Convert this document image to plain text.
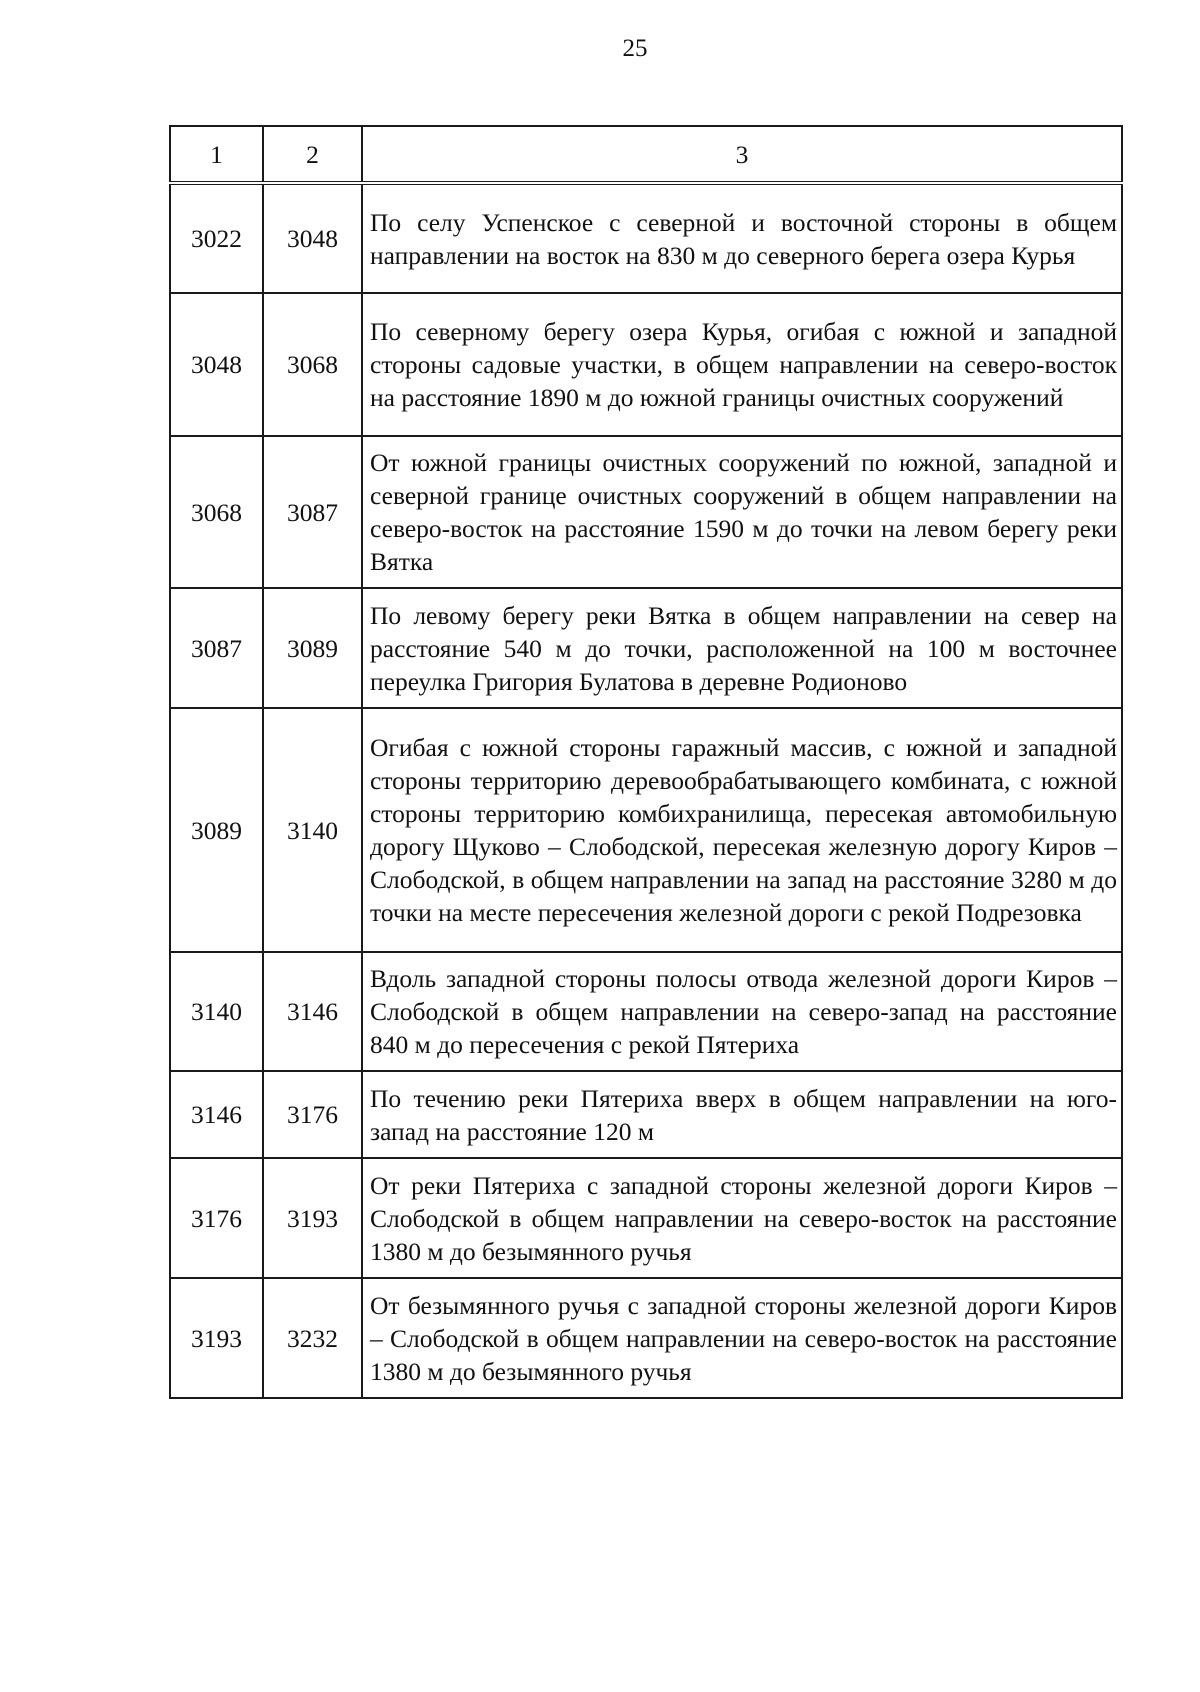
25
1	2	3
3022	3048	По селу Успенское с северной и восточной стороны в общем направлении на восток на 830 м до северного берега озера Курья
3048	3068	По северному берегу озера Курья, огибая с южной и западной стороны садовые участки, в общем направлении на северо-восток на расстояние 1890 м до южной границы очистных сооружений
3068	3087	От южной границы очистных сооружений по южной, западной и северной границе очистных сооружений в общем направлении на северо-восток на расстояние 1590 м до точки на левом берегу реки Вятка
3087	3089	По левому берегу реки Вятка в общем направлении на север на расстояние 540 м до точки, расположенной на 100 м восточнее переулка Григория Булатова в деревне Родионово
3089	3140	Огибая с южной стороны гаражный массив, с южной и западной стороны территорию деревообрабатывающего комбината, с южной стороны территорию комбихранилища, пересекая автомобильную дорогу Щуково – Слободской, пересекая железную дорогу Киров – Слободской, в общем направлении на запад на расстояние 3280 м до точки на месте пересечения железной дороги с рекой Подрезовка
3140	3146	Вдоль западной стороны полосы отвода железной дороги Киров – Слободской в общем направлении на северо-запад на расстояние 840 м до пересечения с рекой Пятериха
3146	3176	По течению реки Пятериха вверх в общем направлении на юго-запад на расстояние 120 м
3176	3193	От реки Пятериха с западной стороны железной дороги Киров – Слободской в общем направлении на северо-восток на расстояние 1380 м до безымянного ручья
3193	3232	От безымянного ручья с западной стороны железной дороги Киров – Слободской в общем направлении на северо-восток на расстояние 1380 м до безымянного ручья
